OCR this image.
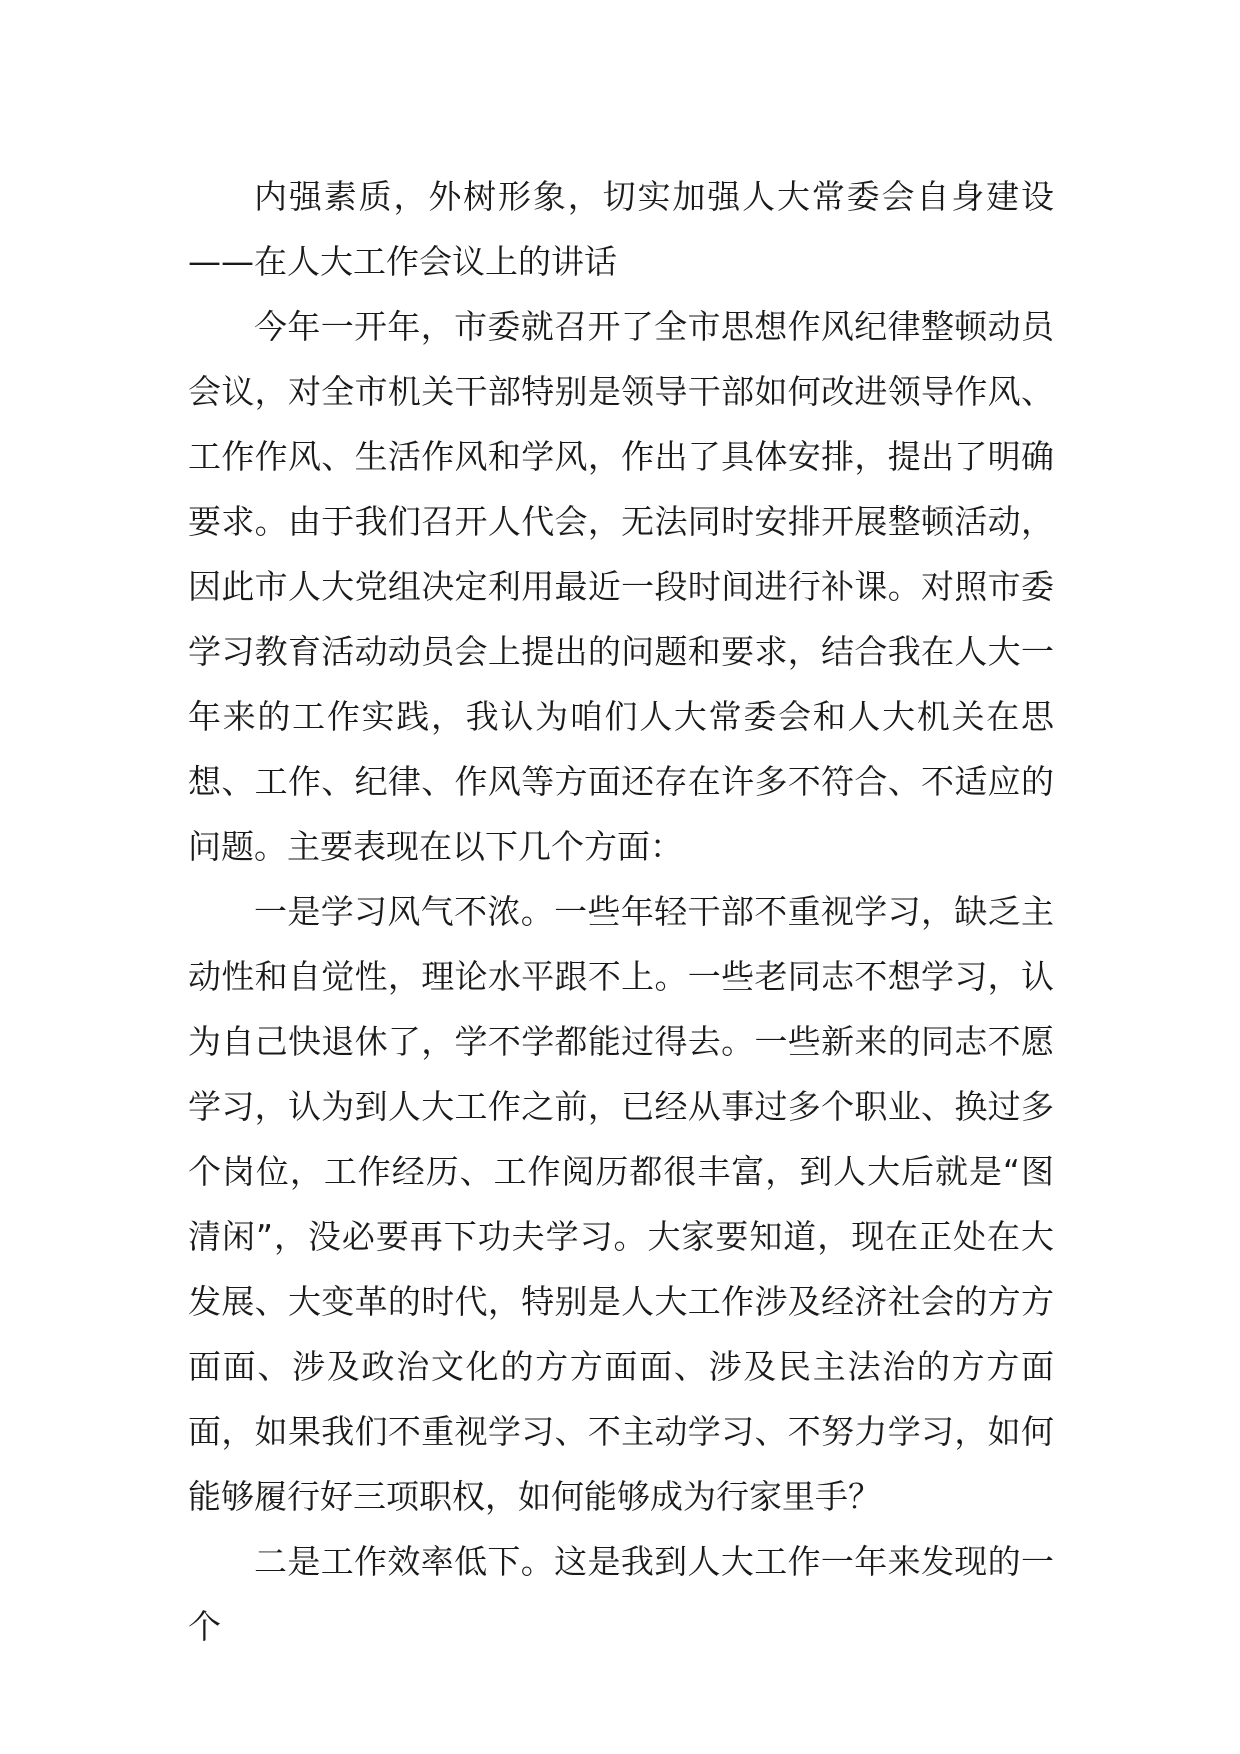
内强素质，外树形象，切实加强人大常委会自身建设——在人大工作会议上的讲话

今年一开年，市委就召开了全市思想作风纪律整顿动员会议，对全市机关干部特别是领导干部如何改进领导作风、工作作风、生活作风和学风，作出了具体安排，提出了明确要求。由于我们召开人代会，无法同时安排开展整顿活动，因此市人大党组决定利用最近一段时间进行补课。对照市委学习教育活动动员会上提出的问题和要求，结合我在人大一年来的工作实践，我认为咱们人大常委会和人大机关在思想、工作、纪律、作风等方面还存在许多不符合、不适应的问题。主要表现在以下几个方面：

一是学习风气不浓。一些年轻干部不重视学习，缺乏主动性和自觉性，理论水平跟不上。一些老同志不想学习，认为自己快退休了，学不学都能过得去。一些新来的同志不愿学习，认为到人大工作之前，已经从事过多个职业、换过多个岗位，工作经历、工作阅历都很丰富，到人大后就是“图清闲”，没必要再下功夫学习。大家要知道，现在正处在大发展、大变革的时代，特别是人大工作涉及经济社会的方方面面、涉及政治文化的方方面面、涉及民主法治的方方面面，如果我们不重视学习、不主动学习、不努力学习，如何能够履行好三项职权，如何能够成为行家里手？

二是工作效率低下。这是我到人大工作一年来发现的一个
